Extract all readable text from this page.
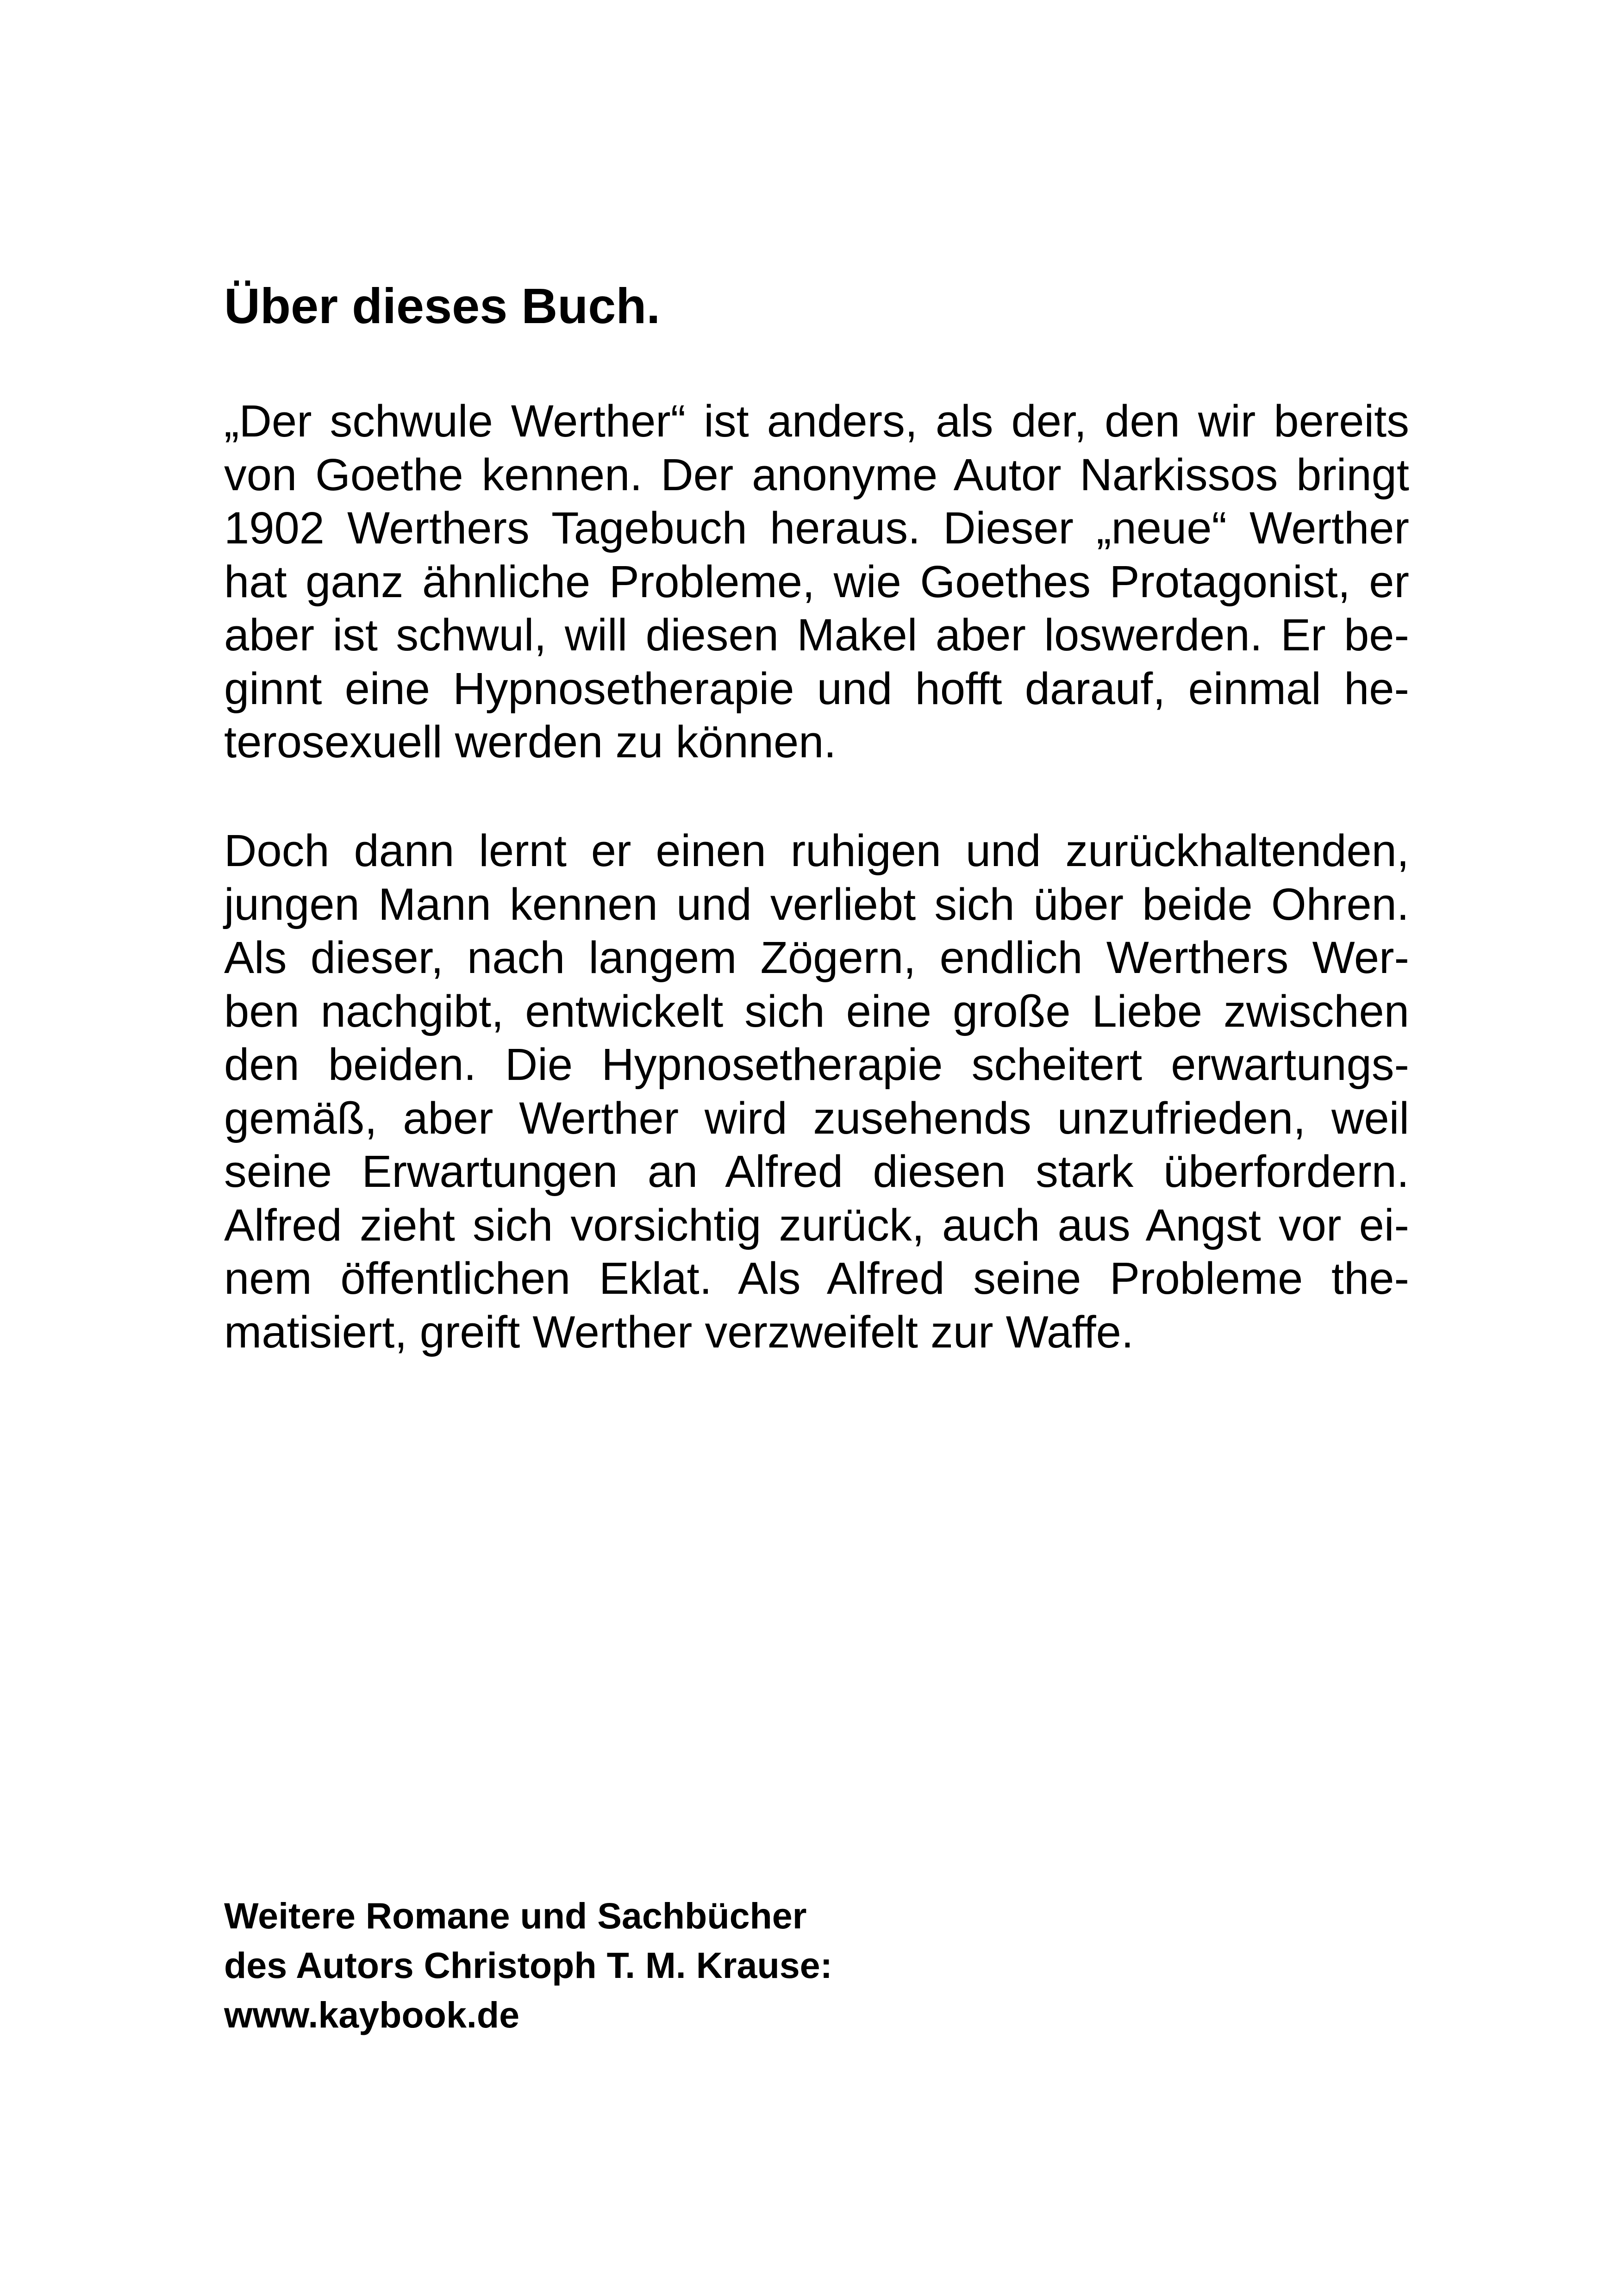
Über dieses Buch.
„Der schwule Werther“ ist anders, als der, den wir bereits
von Goethe kennen. Der anonyme Autor Narkissos bringt
1902 Werthers Tagebuch heraus. Dieser „neue“ Werther
hat ganz ähnliche Probleme, wie Goethes Protagonist, er
aber ist schwul, will diesen Makel aber loswerden. Er be-
ginnt eine Hypnosetherapie und hofft darauf, einmal he-
terosexuell werden zu können.
Doch dann lernt er einen ruhigen und zurückhaltenden,
jungen Mann kennen und verliebt sich über beide Ohren.
Als dieser, nach langem Zögern, endlich Werthers Wer-
ben nachgibt, entwickelt sich eine große Liebe zwischen
den beiden. Die Hypnosetherapie scheitert erwartungs-
gemäß, aber Werther wird zusehends unzufrieden, weil
seine Erwartungen an Alfred diesen stark überfordern.
Alfred zieht sich vorsichtig zurück, auch aus Angst vor ei-
nem öffentlichen Eklat. Als Alfred seine Probleme the-
matisiert, greift Werther verzweifelt zur Waffe.
Weitere Romane und Sachbücher
des Autors Christoph T. M. Krause:
www.kaybook.de
